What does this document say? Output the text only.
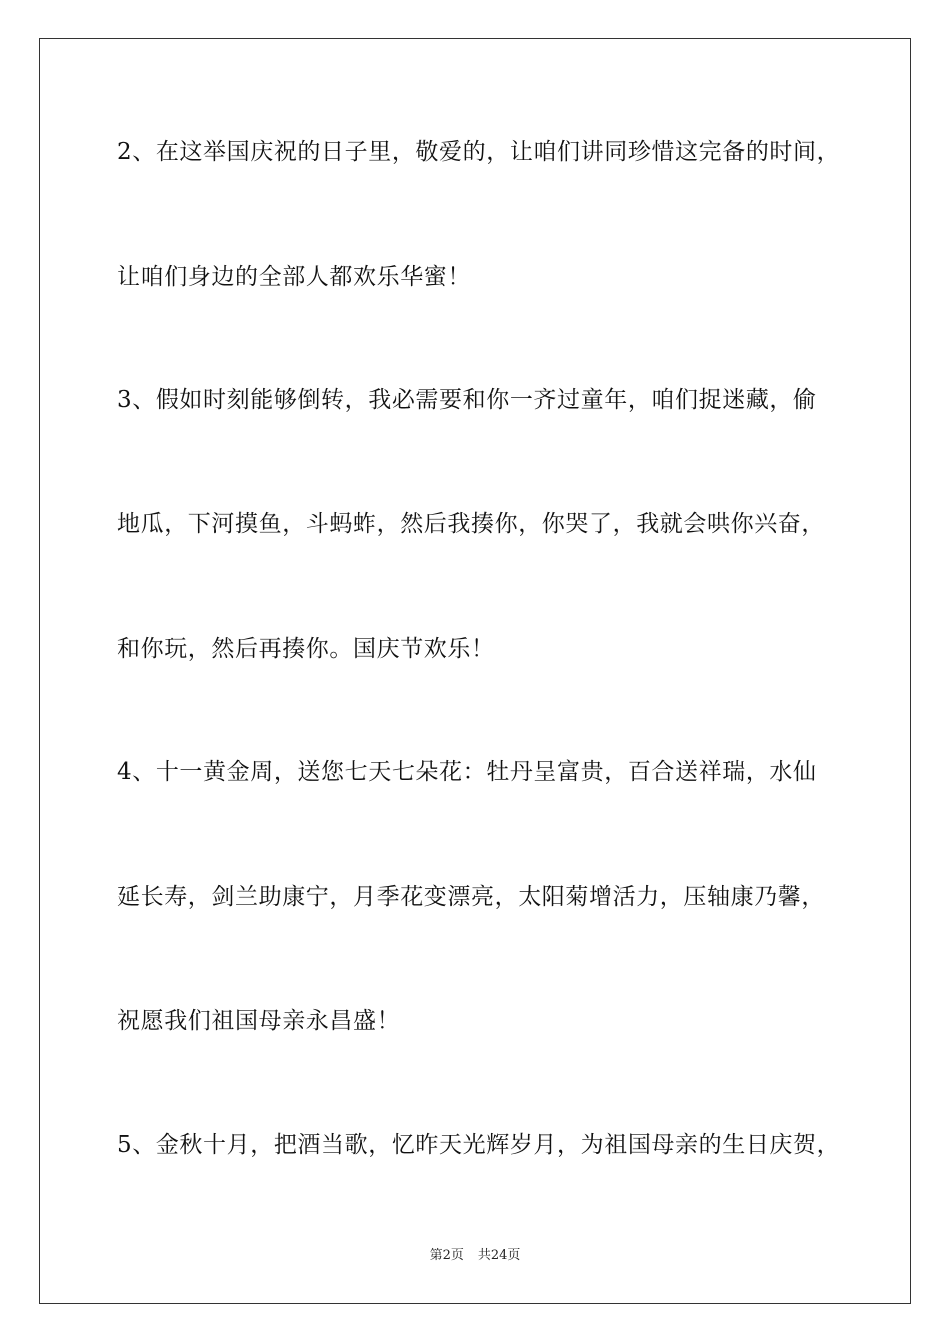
2、在这举国庆祝的日子里，敬爱的，让咱们讲同珍惜这完备的时间，
让咱们身边的全部人都欢乐华蜜！
3、假如时刻能够倒转，我必需要和你一齐过童年，咱们捉迷藏，偷
地瓜，下河摸鱼，斗蚂蚱，然后我揍你，你哭了，我就会哄你兴奋，
和你玩，然后再揍你。国庆节欢乐！
4、十一黄金周，送您七天七朵花：牡丹呈富贵，百合送祥瑞，水仙
延长寿，剑兰助康宁，月季花变漂亮，太阳菊增活力，压轴康乃馨，
祝愿我们祖国母亲永昌盛！
5、金秋十月，把酒当歌，忆昨天光辉岁月，为祖国母亲的生日庆贺，
第2页 共24页
